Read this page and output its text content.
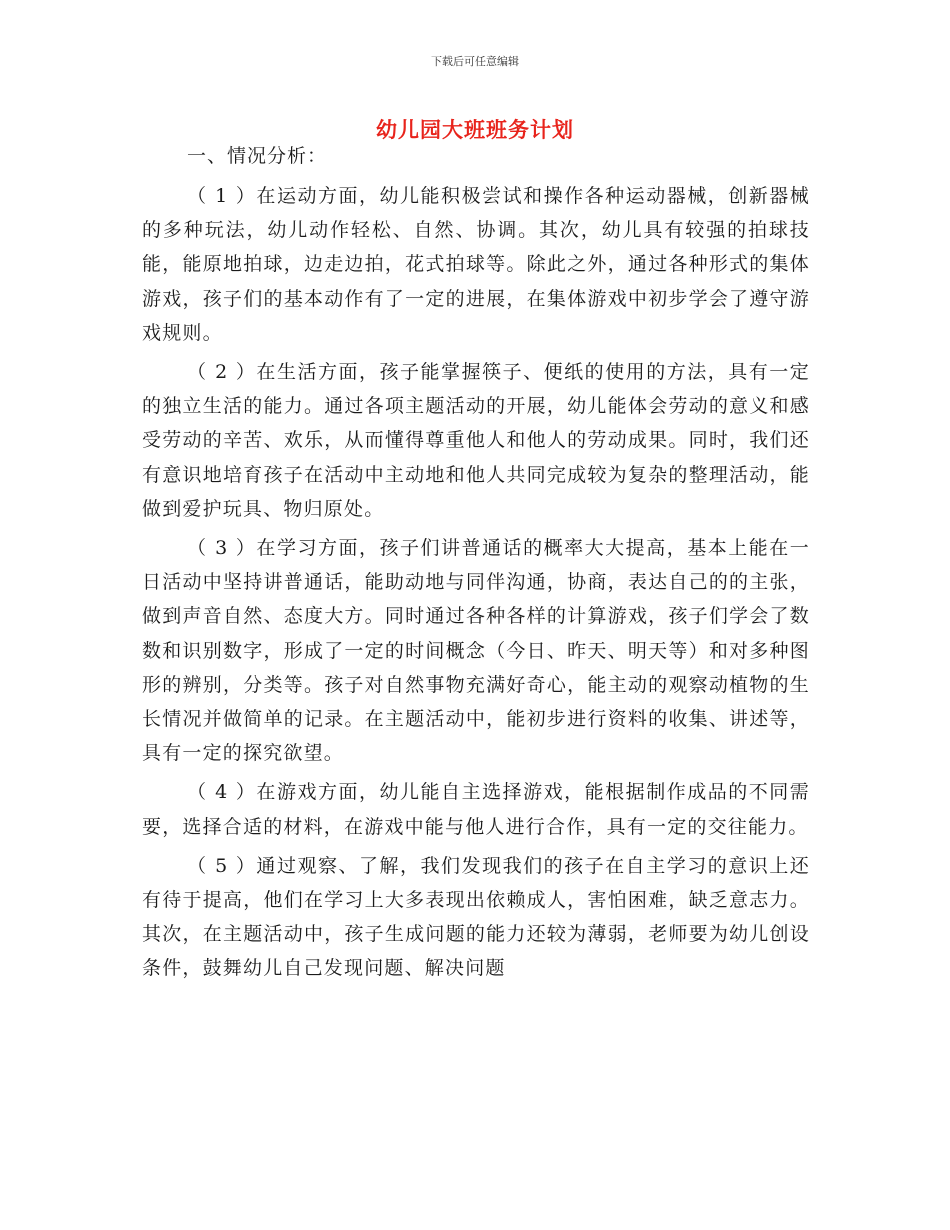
下载后可任意编辑
幼儿园大班班务计划

一、情况分析：

（ 1 ）在运动方面，幼儿能积极尝试和操作各种运动器械，创新器械的多种玩法，幼儿动作轻松、自然、协调。其次，幼儿具有较强的拍球技能，能原地拍球，边走边拍，花式拍球等。除此之外，通过各种形式的集体游戏，孩子们的基本动作有了一定的进展，在集体游戏中初步学会了遵守游戏规则。

（ 2 ）在生活方面，孩子能掌握筷子、便纸的使用的方法，具有一定的独立生活的能力。通过各项主题活动的开展，幼儿能体会劳动的意义和感受劳动的辛苦、欢乐，从而懂得尊重他人和他人的劳动成果。同时，我们还有意识地培育孩子在活动中主动地和他人共同完成较为复杂的整理活动，能做到爱护玩具、物归原处。

（ 3 ）在学习方面，孩子们讲普通话的概率大大提高，基本上能在一日活动中坚持讲普通话，能助动地与同伴沟通，协商，表达自己的的主张，做到声音自然、态度大方。同时通过各种各样的计算游戏，孩子们学会了数数和识别数字，形成了一定的时间概念（今日、昨天、明天等）和对多种图形的辨别，分类等。孩子对自然事物充满好奇心，能主动的观察动植物的生长情况并做简单的记录。在主题活动中，能初步进行资料的收集、讲述等，具有一定的探究欲望。

（ 4 ）在游戏方面，幼儿能自主选择游戏，能根据制作成品的不同需要，选择合适的材料，在游戏中能与他人进行合作，具有一定的交往能力。

（ 5 ）通过观察、了解，我们发现我们的孩子在自主学习的意识上还有待于提高，他们在学习上大多表现出依赖成人，害怕困难，缺乏意志力。其次，在主题活动中，孩子生成问题的能力还较为薄弱，老师要为幼儿创设条件，鼓舞幼儿自己发现问题、解决问题
